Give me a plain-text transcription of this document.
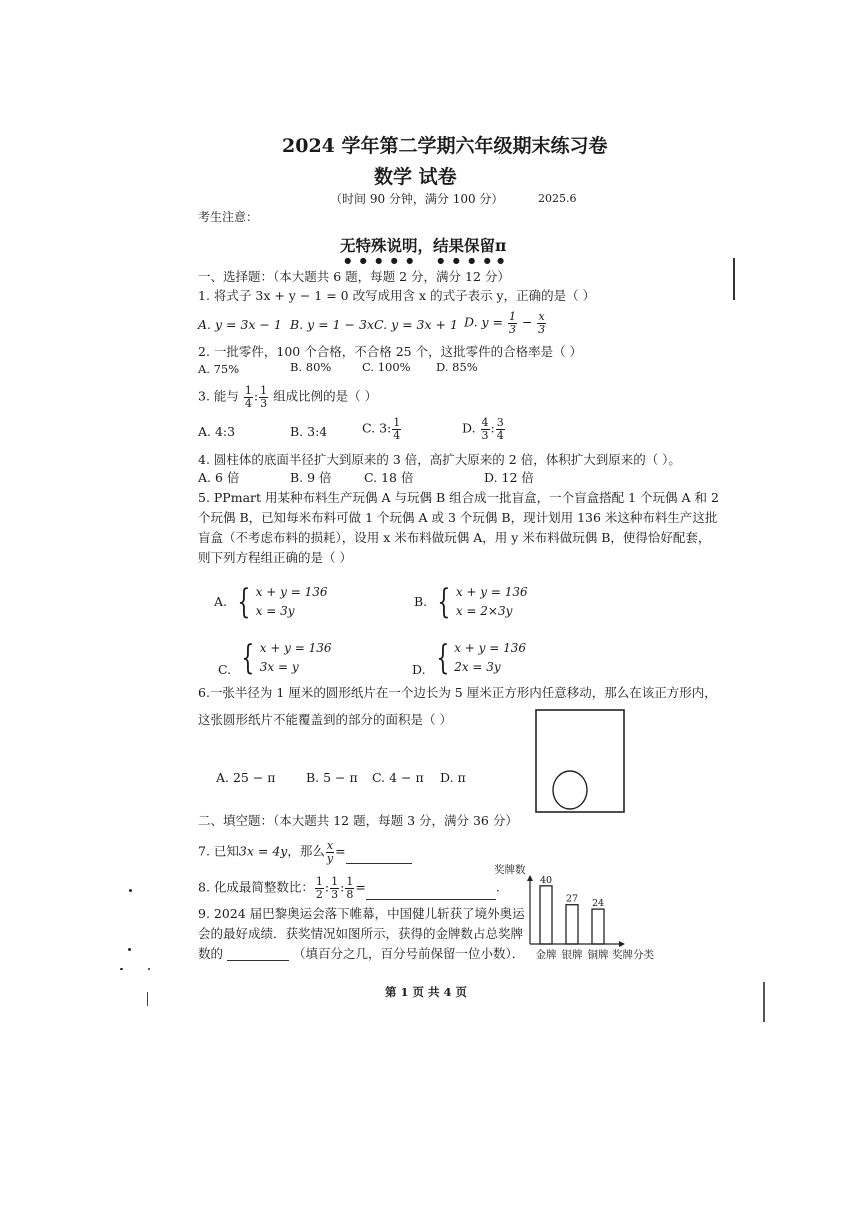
2024 学年第二学期六年级期末练习卷
数学 试卷
（时间 90 分钟，满分 100 分）	2025.6
考生注意：
无特殊说明，结果保留π
一、选择题：（本大题共 6 题，每题 2 分，满分 12 分）
1. 将式子 3x + y − 1 = 0 改写成用含 x 的式子表示 y，正确的是（ ）
A. y = 3x − 1 B. y = 1 − 3x C. y = 3x + 1 D. $y = \frac{1}{3} - \frac{x}{3}$
2. 一批零件，100 个合格，不合格 25 个，这批零件的合格率是（ ）
A. 75%	B. 80%	C. 100% D. 85%
3. 能与 $\frac{1}{4}$ : $\frac{1}{3}$ 组成比例的是（ ）
A. 4:3	B. 3:4	C. 3: $\frac{1}{4}$	D. $\frac{4}{3}$ : $\frac{3}{4}$
4. 圆柱体的底面半径扩大到原来的 3 倍，高扩大原来的 2 倍，体积扩大到原来的（ ）。
A. 6 倍	B. 9 倍	C. 18 倍	D. 12 倍
5. PPmart 用某种布料生产玩偶 A 与玩偶 B 组合成一批盲盒，一个盲盒搭配 1 个玩偶 A 和 2
个玩偶 B，已知每米布料可做 1 个玩偶 A 或 3 个玩偶 B，现计划用 136 米这种布料生产这批
盲盒（不考虑布料的损耗），设用 x 米布料做玩偶 A，用 y 米布料做玩偶 B，使得恰好配套，
则下列方程组正确的是（ ）
A. { x + y = 136
x = 3y
B. { x + y = 136
x = 2×3y
C. { x + y = 136
3x = y	D. { x + y = 136
2x = 3y
6.一张半径为 1 厘米的圆形纸片在一个边长为 5 厘米正方形内任意移动，那么在该正方形内，
这张圆形纸片不能覆盖到的部分的面积是（ ）
A. 25 − π B. 5 − π C. 4 − π D. π
二、填空题：（本大题共 12 题，每题 3 分，满分 36 分）
7. 已知3x = 4y，那么 $\frac{x}{y}$ =
8. 化成最简整数比： $\frac{1}{2}$ : $\frac{1}{3}$ : $\frac{1}{8}$ =	.
9. 2024 届巴黎奥运会落下帷幕，中国健儿斩获了境外奥运
会的最好成绩．获奖情况如图所示，获得的金牌数占总奖牌
数的	（填百分之几，百分号前保留一位小数）．
奖牌数
40
金牌
27
银牌
24
铜牌 奖牌分类
第 1 页 共 4 页
